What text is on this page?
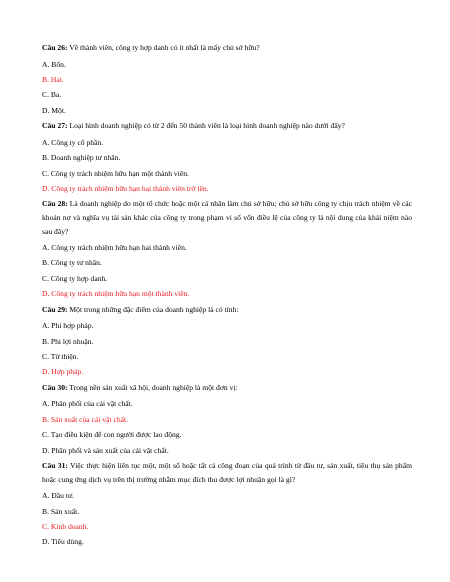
Câu 26: Về thành viên, công ty hợp danh có ít nhất là mấy chủ sở hữu?

A. Bốn.
B. Hai.
C. Ba.
D. Một.

Câu 27: Loại hình doanh nghiệp có từ 2 đến 50 thành viên là loại hình doanh nghiệp nào dưới đây?

A. Công ty cổ phần.
B. Doanh nghiệp tư nhân.
C. Công ty trách nhiệm hữu hạn một thành viên.
D. Công ty trách nhiệm hữu hạn hai thành viên trở lên.

Câu 28: Là doanh nghiệp do một tổ chức hoặc một cá nhân làm chủ sở hữu; chủ sở hữu công ty chịu trách nhiệm về các khoản nợ và nghĩa vụ tài sản khác của công ty trong phạm vi số vốn điều lệ của công ty là nội dung của khái niệm nào sau đây?

A. Công ty trách nhiệm hữu hạn hai thành viên.
B. Công ty tư nhân.
C. Công ty hợp danh.
D. Công ty trách nhiệm hữu hạn một thành viên.

Câu 29: Một trong những đặc điểm của doanh nghiệp là có tính:

A. Phi hợp pháp.
B. Phi lợi nhuận.
C. Từ thiện.
D. Hợp pháp.

Câu 30: Trong nền sản xuất xã hội, doanh nghiệp là một đơn vị:

A. Phân phối của cải vật chất.
B. Sản xuất của cải vật chất.
C. Tạo điều kiện để con người được lao động.
D. Phân phối và sản xuất của cải vật chất.

Câu 31: Việc thực hiện liên tục một, một số hoặc tất cả công đoạn của quá trình từ đầu tư, sản xuất, tiêu thụ sản phẩm hoặc cung ứng dịch vụ trên thị trường nhằm mục đích thu được lợi nhuận gọi là gì?

A. Đầu tư.
B. Sản xuất.
C. Kinh doanh.
D. Tiêu dùng.
